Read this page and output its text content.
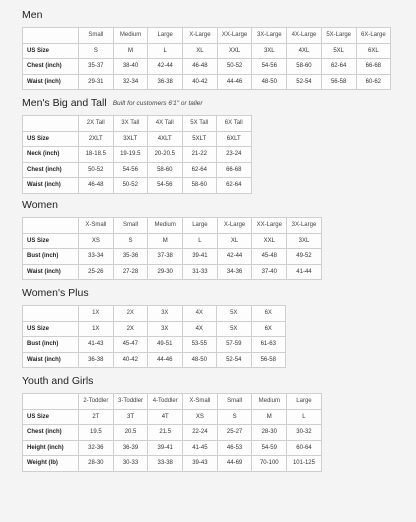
Men
	Small	Medium	Large	X-Large	XX-Large	3X-Large	4X-Large	5X-Large	6X-Large
US Size	S	M	L	XL	XXL	3XL	4XL	5XL	6XL
Chest (inch)	35-37	38-40	42-44	46-48	50-52	54-56	58-60	62-64	66-68
Waist (inch)	29-31	32-34	36-38	40-42	44-46	48-50	52-54	56-58	60-62
Men's Big and Tall Built for customers 6'1" or taller
	2X Tall	3X Tall	4X Tall	5X Tall	6X Tall
US Size	2XLT	3XLT	4XLT	5XLT	6XLT
Neck (inch)	18-18.5	19-19.5	20-20.5	21-22	23-24
Chest (inch)	50-52	54-56	58-60	62-64	66-68
Waist (inch)	46-48	50-52	54-56	58-60	62-64
Women
	X-Small	Small	Medium	Large	X-Large	XX-Large	3X-Large
US Size	XS	S	M	L	XL	XXL	3XL
Bust (inch)	33-34	35-36	37-38	39-41	42-44	45-48	49-52
Waist (inch)	25-26	27-28	29-30	31-33	34-36	37-40	41-44
Women's Plus
	1X	2X	3X	4X	5X	6X
US Size	1X	2X	3X	4X	5X	6X
Bust (inch)	41-43	45-47	49-51	53-55	57-59	61-63
Waist (inch)	36-38	40-42	44-46	48-50	52-54	56-58
Youth and Girls
	2-Toddler	3-Toddler	4-Toddler	X-Small	Small	Medium	Large
US Size	2T	3T	4T	XS	S	M	L
Chest (inch)	19.5	20.5	21.5	22-24	25-27	28-30	30-32
Height (inch)	32-36	36-39	39-41	41-45	46-53	54-59	60-64
Weight (lb)	28-30	30-33	33-38	39-43	44-69	70-100	101-125
